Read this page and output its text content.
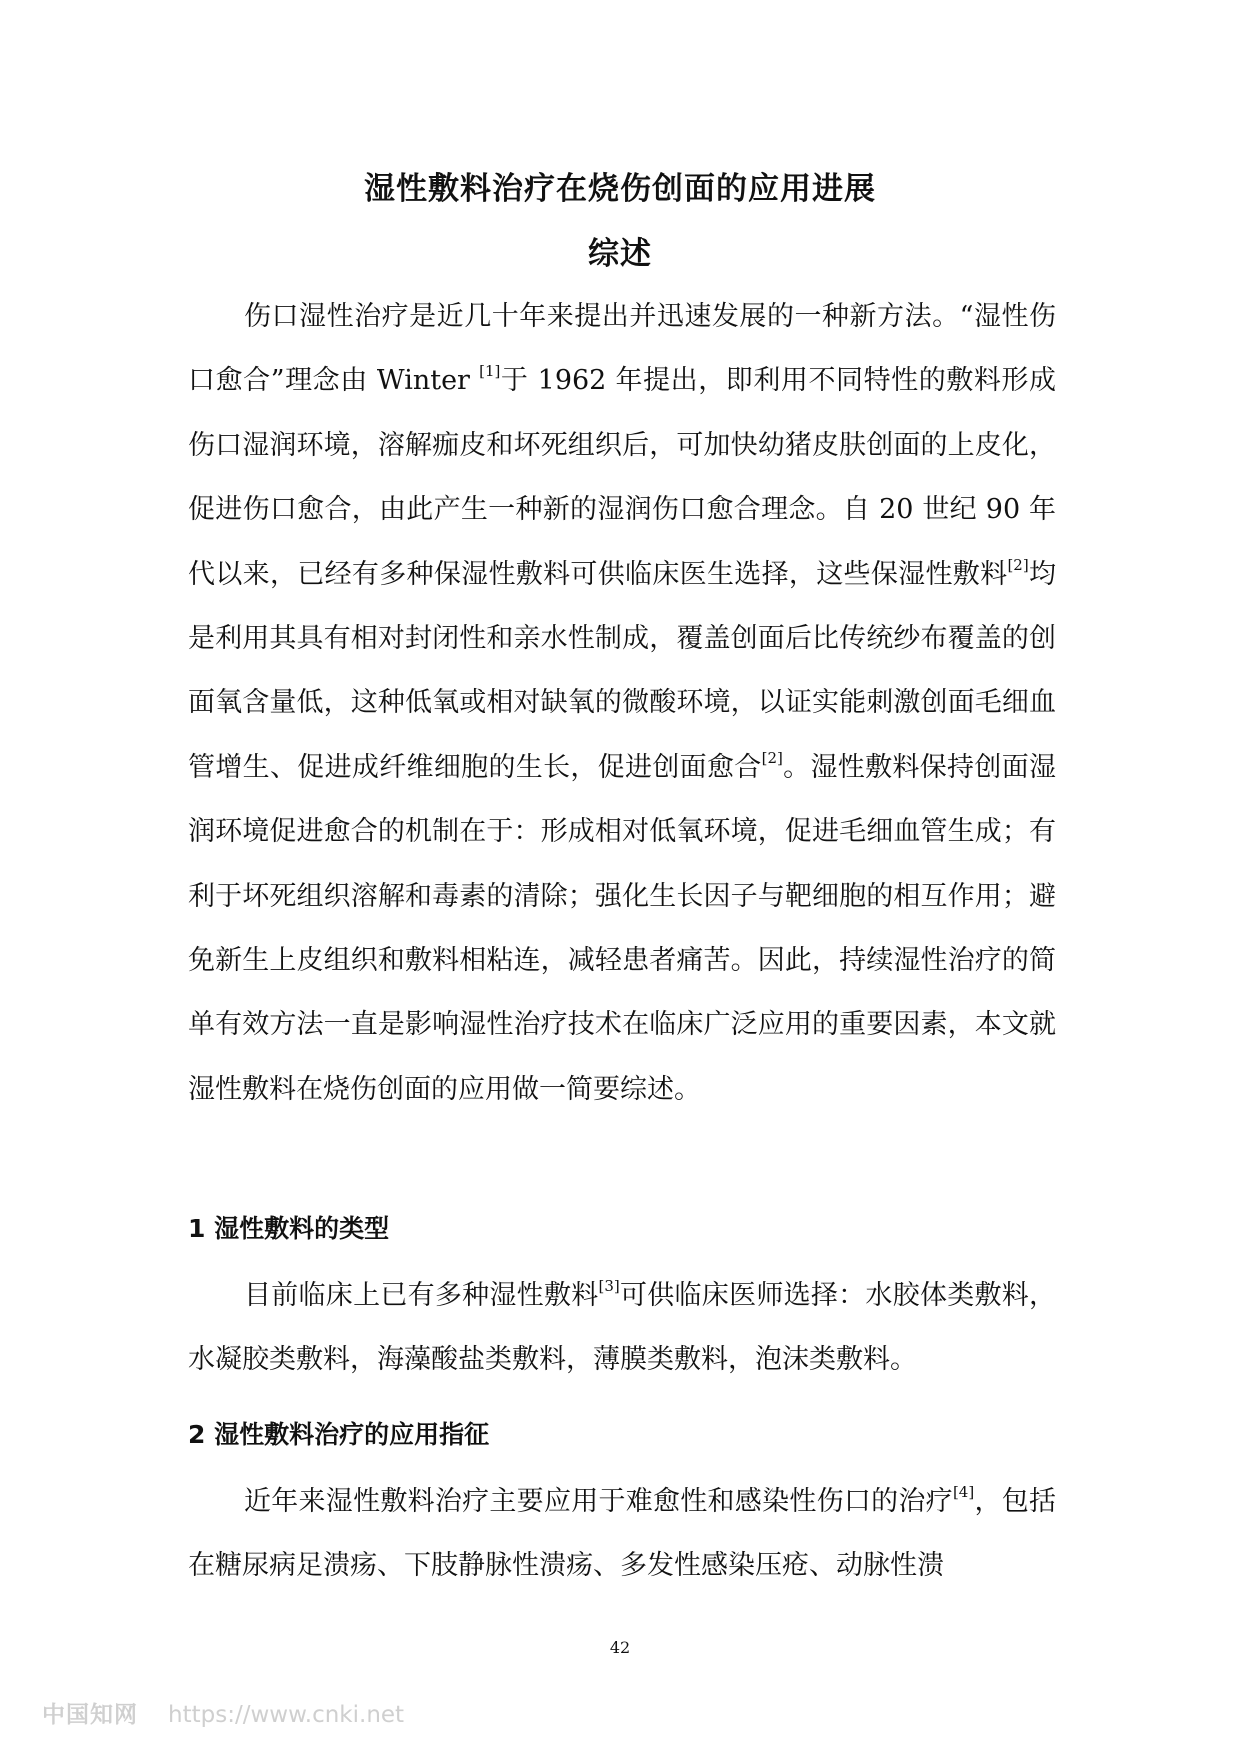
湿性敷料治疗在烧伤创面的应用进展
综述

伤口湿性治疗是近几十年来提出并迅速发展的一种新方法。“湿性伤口愈合”理念由 Winter [1]于 1962 年提出，即利用不同特性的敷料形成伤口湿润环境，溶解痂皮和坏死组织后，可加快幼猪皮肤创面的上皮化，促进伤口愈合，由此产生一种新的湿润伤口愈合理念。自 20 世纪 90 年代以来，已经有多种保湿性敷料可供临床医生选择，这些保湿性敷料[2]均是利用其具有相对封闭性和亲水性制成，覆盖创面后比传统纱布覆盖的创面氧含量低，这种低氧或相对缺氧的微酸环境，以证实能刺激创面毛细血管增生、促进成纤维细胞的生长，促进创面愈合[2]。湿性敷料保持创面湿润环境促进愈合的机制在于：形成相对低氧环境，促进毛细血管生成；有利于坏死组织溶解和毒素的清除；强化生长因子与靶细胞的相互作用；避免新生上皮组织和敷料相粘连，减轻患者痛苦。因此，持续湿性治疗的简单有效方法一直是影响湿性治疗技术在临床广泛应用的重要因素，本文就湿性敷料在烧伤创面的应用做一简要综述。

1 湿性敷料的类型

目前临床上已有多种湿性敷料[3]可供临床医师选择：水胶体类敷料，水凝胶类敷料，海藻酸盐类敷料，薄膜类敷料，泡沫类敷料。

2 湿性敷料治疗的应用指征

近年来湿性敷料治疗主要应用于难愈性和感染性伤口的治疗[4]，包括在糖尿病足溃疡、下肢静脉性溃疡、多发性感染压疮、动脉性溃

42
中国知网 https://www.cnki.net
